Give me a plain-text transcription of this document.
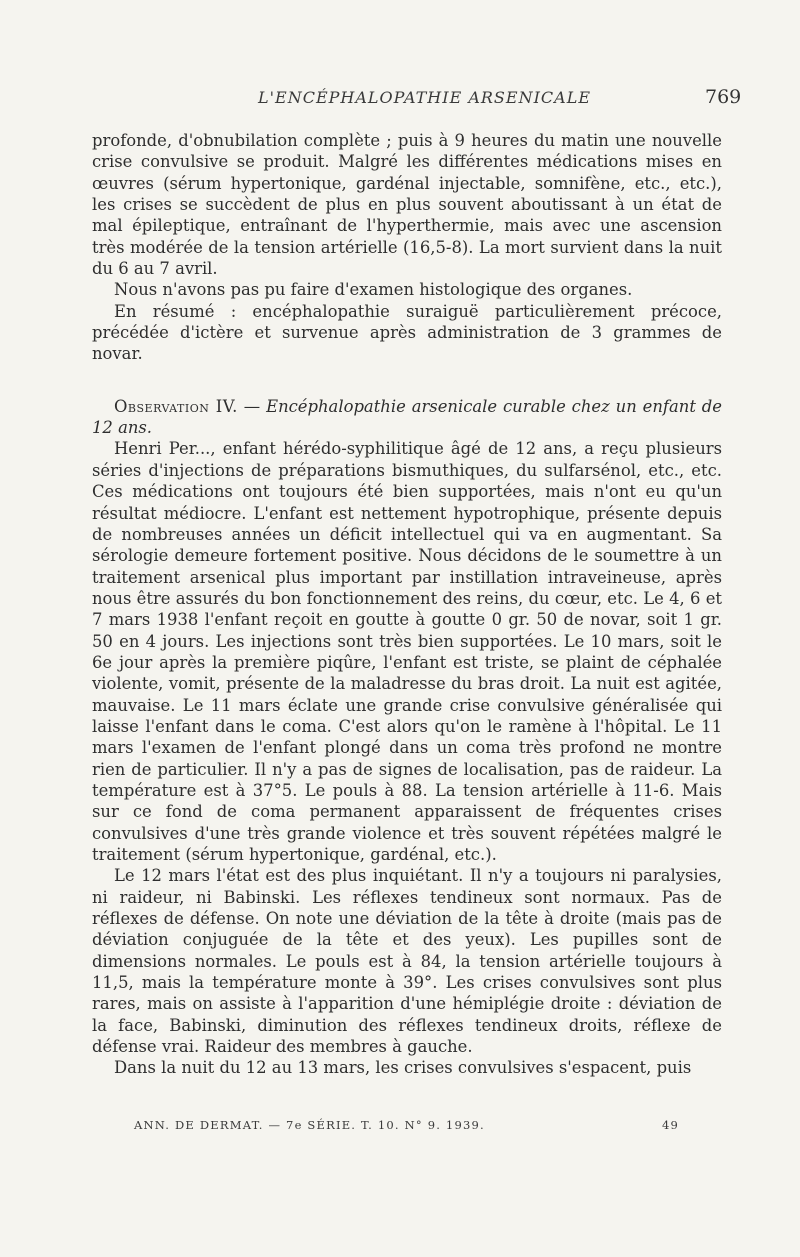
L'ENCÉPHALOPATHIE ARSENICALE	769

profonde, d'obnubilation complète ; puis à 9 heures du matin une nouvelle crise convulsive se produit. Malgré les différentes médications mises en œuvres (sérum hypertonique, gardénal injectable, somnifène, etc., etc.), les crises se succèdent de plus en plus souvent aboutissant à un état de mal épileptique, entraînant de l'hyperthermie, mais avec une ascension très modérée de la tension artérielle (16,5-8). La mort survient dans la nuit du 6 au 7 avril.

Nous n'avons pas pu faire d'examen histologique des organes.

En résumé : encéphalopathie suraiguë particulièrement précoce, précédée d'ictère et survenue après administration de 3 grammes de novar.

Observation IV. — Encéphalopathie arsenicale curable chez un enfant de 12 ans.

Henri Per..., enfant hérédo-syphilitique âgé de 12 ans, a reçu plusieurs séries d'injections de préparations bismuthiques, du sulfarsénol, etc., etc. Ces médications ont toujours été bien supportées, mais n'ont eu qu'un résultat médiocre. L'enfant est nettement hypotrophique, présente depuis de nombreuses années un déficit intellectuel qui va en augmentant. Sa sérologie demeure fortement positive. Nous décidons de le soumettre à un traitement arsenical plus important par instillation intraveineuse, après nous être assurés du bon fonctionnement des reins, du cœur, etc. Le 4, 6 et 7 mars 1938 l'enfant reçoit en goutte à goutte 0 gr. 50 de novar, soit 1 gr. 50 en 4 jours. Les injections sont très bien supportées. Le 10 mars, soit le 6e jour après la première piqûre, l'enfant est triste, se plaint de céphalée violente, vomit, présente de la maladresse du bras droit. La nuit est agitée, mauvaise. Le 11 mars éclate une grande crise convulsive généralisée qui laisse l'enfant dans le coma. C'est alors qu'on le ramène à l'hôpital. Le 11 mars l'examen de l'enfant plongé dans un coma très profond ne montre rien de particulier. Il n'y a pas de signes de localisation, pas de raideur. La température est à 37°5. Le pouls à 88. La tension artérielle à 11-6. Mais sur ce fond de coma permanent apparaissent de fréquentes crises convulsives d'une très grande violence et très souvent répétées malgré le traitement (sérum hypertonique, gardénal, etc.).

Le 12 mars l'état est des plus inquiétant. Il n'y a toujours ni paralysies, ni raideur, ni Babinski. Les réflexes tendineux sont normaux. Pas de réflexes de défense. On note une déviation de la tête à droite (mais pas de déviation conjuguée de la tête et des yeux). Les pupilles sont de dimensions normales. Le pouls est à 84, la tension artérielle toujours à 11,5, mais la température monte à 39°. Les crises convulsives sont plus rares, mais on assiste à l'apparition d'une hémiplégie droite : déviation de la face, Babinski, diminution des réflexes tendineux droits, réflexe de défense vrai. Raideur des membres à gauche.

Dans la nuit du 12 au 13 mars, les crises convulsives s'espacent, puis

ANN. DE DERMAT. — 7e SÉRIE. T. 10. N° 9. 1939.	49
